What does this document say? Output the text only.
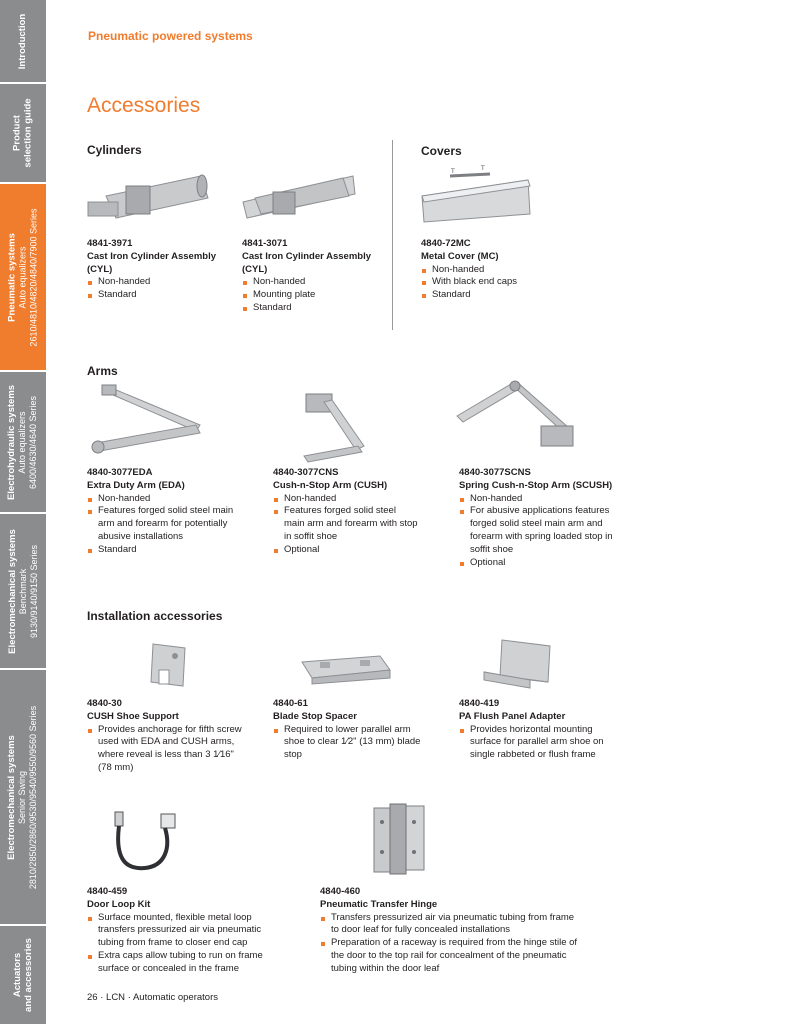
Introduction
Product selection guide
Pneumatic systems Auto equalizers
2610/4810/4820/4840/7900 Series
Electrohydraulic systems Auto equalizers
6400/4630/4640 Series
Electromechanical systems Benchmark
9130/9140/9150 Series
Electromechanical systems Senior Swing
2810/2850/2860/9530/9540/9550/9560 Series
Actuators and accessories
Pneumatic powered systems
Accessories
Cylinders	Covers
T	T
4841-3971
Cast Iron Cylinder Assembly (CYL)
Non-handed
Standard
4841-3071
Cast Iron Cylinder Assembly (CYL)
Non-handed
Mounting plate
Standard
4840-72MC
Metal Cover (MC)
Non-handed
With black end caps
Standard
Arms
4840-3077EDA
Extra Duty Arm (EDA)
Non-handed
Features forged solid steel main arm and forearm for potentially abusive installations
Standard
4840-3077CNS
Cush-n-Stop Arm (CUSH)
Non-handed
Features forged solid steel main arm and forearm with stop in soffit shoe
Optional
4840-3077SCNS
Spring Cush-n-Stop Arm (SCUSH)
Non-handed
For abusive applications features forged solid steel main arm and forearm with spring loaded stop in soffit shoe
Optional
Installation accessories
4840-30
CUSH Shoe Support
Provides anchorage for fifth screw used with EDA and CUSH arms, where reveal is less than 3 1⁄16" (78 mm)
4840-61
Blade Stop Spacer
Required to lower parallel arm shoe to clear 1⁄2" (13 mm) blade stop
4840-419
PA Flush Panel Adapter
Provides horizontal mounting surface for parallel arm shoe on single rabbeted or flush frame
4840-459
Door Loop Kit
Surface mounted, flexible metal loop transfers pressurized air via pneumatic tubing from frame to closer end cap
Extra caps allow tubing to run on frame surface or concealed in the frame
4840-460
Pneumatic Transfer Hinge
Transfers pressurized air via pneumatic tubing from frame to door leaf for fully concealed installations
Preparation of a raceway is required from the hinge stile of the door to the top rail for concealment of the pneumatic tubing within the door leaf
26 · LCN · Automatic operators
